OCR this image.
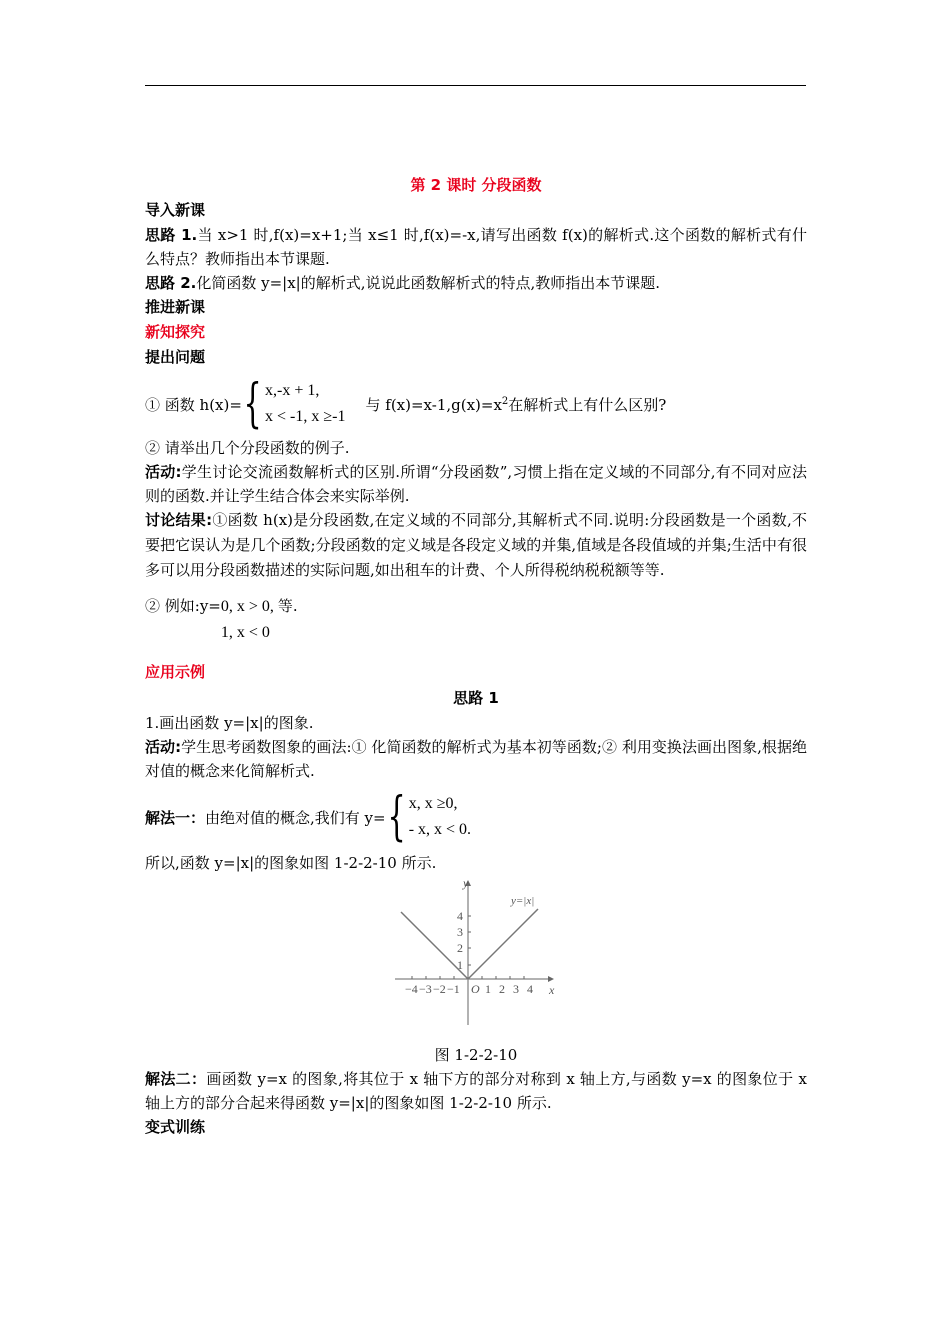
第 2 课时 分段函数

导入新课

思路 1.当 x>1 时,f(x)=x+1;当 x≤1 时,f(x)=-x,请写出函数 f(x)的解析式.这个函数的解析式有什么特点？教师指出本节课题.

思路 2.化简函数 y=|x|的解析式,说说此函数解析式的特点,教师指出本节课题.

推进新课

新知探究

提出问题

① 函数 h(x)= { x,-x + 1,
x < -1, x ≥-1
与 $f(x)=x-1,g(x)=x^2$在解析式上有什么区别?

② 请举出几个分段函数的例子.

活动:学生讨论交流函数解析式的区别.所谓“分段函数”,习惯上指在定义域的不同部分,有不同对应法则的函数.并让学生结合体会来实际举例.

讨论结果:①函数 h(x)是分段函数,在定义域的不同部分,其解析式不同.说明:分段函数是一个函数,不要把它误认为是几个函数;分段函数的定义域是各段定义域的并集,值域是各段值域的并集;生活中有很多可以用分段函数描述的实际问题,如出租车的计费、个人所得税纳税税额等等.

② 例如:y= 0, x > 0, 等.
1, x < 0

应用示例

思路 1

1.画出函数 y=|x|的图象.

活动:学生思考函数图象的画法:① 化简函数的解析式为基本初等函数;② 利用变换法画出图象,根据绝对值的概念来化简解析式.

解法一： 由绝对值的概念,我们有 y= { x, x ≥0,
- x, x < 0.

所以,函数 y=|x|的图象如图 1-2-2-10 所示.

y
x
O
y=|x|
−4 −3 −2 −1 1 2 3 4
1
2
3
4

图 1-2-2-10

解法二：画函数 y=x 的图象,将其位于 x 轴下方的部分对称到 x 轴上方,与函数 y=x 的图象位于 x 轴上方的部分合起来得函数 y=|x|的图象如图 1-2-2-10 所示.

变式训练
